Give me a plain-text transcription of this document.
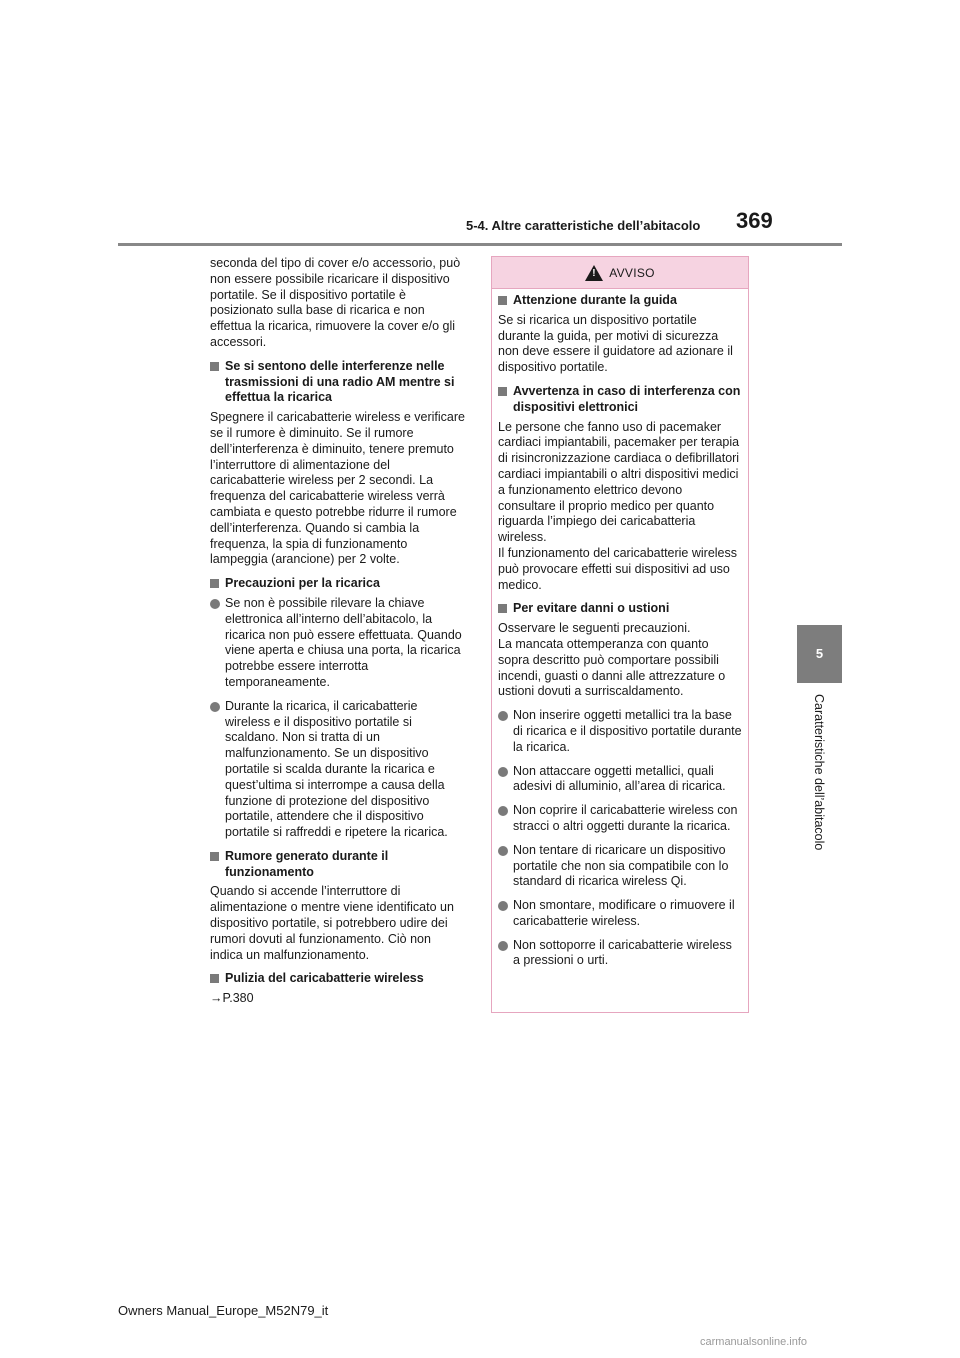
5-4. Altre caratteristiche dell’abitacolo 369
5
Caratteristiche dell’abitacolo

seconda del tipo di cover e/o accessorio, può non essere possibile ricaricare il dispositivo portatile. Se il dispositivo portatile è posizionato sulla base di ricarica e non effettua la ricarica, rimuovere la cover e/o gli accessori.

Se si sentono delle interferenze nelle trasmissioni di una radio AM mentre si effettua la ricarica

Spegnere il caricabatterie wireless e verificare se il rumore è diminuito. Se il rumore dell’interferenza è diminuito, tenere premuto l’interruttore di alimentazione del caricabatterie wireless per 2 secondi. La frequenza del caricabatterie wireless verrà cambiata e questo potrebbe ridurre il rumore dell’interferenza. Quando si cambia la frequenza, la spia di funzionamento lampeggia (arancione) per 2 volte.

Precauzioni per la ricarica
Se non è possibile rilevare la chiave elettronica all’interno dell’abitacolo, la ricarica non può essere effettuata. Quando viene aperta e chiusa una porta, la ricarica potrebbe essere interrotta temporaneamente.
Durante la ricarica, il caricabatterie wireless e il dispositivo portatile si scaldano. Non si tratta di un malfunzionamento. Se un dispositivo portatile si scalda durante la ricarica e quest’ultima si interrompe a causa della funzione di protezione del dispositivo portatile, attendere che il dispositivo portatile si raffreddi e ripetere la ricarica.
Rumore generato durante il funzionamento

Quando si accende l’interruttore di alimentazione o mentre viene identificato un dispositivo portatile, si potrebbero udire dei rumori dovuti al funzionamento. Ciò non indica un malfunzionamento.

Pulizia del caricabatterie wireless

→P.380

! AVVISO
Attenzione durante la guida

Se si ricarica un dispositivo portatile durante la guida, per motivi di sicurezza non deve essere il guidatore ad azionare il dispositivo portatile.

Avvertenza in caso di interferenza con dispositivi elettronici

Le persone che fanno uso di pacemaker cardiaci impiantabili, pacemaker per terapia di risincronizzazione cardiaca o defibrillatori cardiaci impiantabili o altri dispositivi medici a funzionamento elettrico devono consultare il proprio medico per quanto riguarda l’impiego dei caricabatteria wireless.
Il funzionamento del caricabatterie wireless può provocare effetti sui dispositivi ad uso medico.

Per evitare danni o ustioni

Osservare le seguenti precauzioni.
La mancata ottemperanza con quanto sopra descritto può comportare possibili incendi, guasti o danni alle attrezzature o ustioni dovuti a surriscaldamento.

Non inserire oggetti metallici tra la base di ricarica e il dispositivo portatile durante la ricarica.
Non attaccare oggetti metallici, quali adesivi di alluminio, all’area di ricarica.
Non coprire il caricabatterie wireless con stracci o altri oggetti durante la ricarica.
Non tentare di ricaricare un dispositivo portatile che non sia compatibile con lo standard di ricarica wireless Qi.
Non smontare, modificare o rimuovere il caricabatterie wireless.
Non sottoporre il caricabatterie wireless a pressioni o urti.
Owners Manual_Europe_M52N79_it
carmanualsonline.info
